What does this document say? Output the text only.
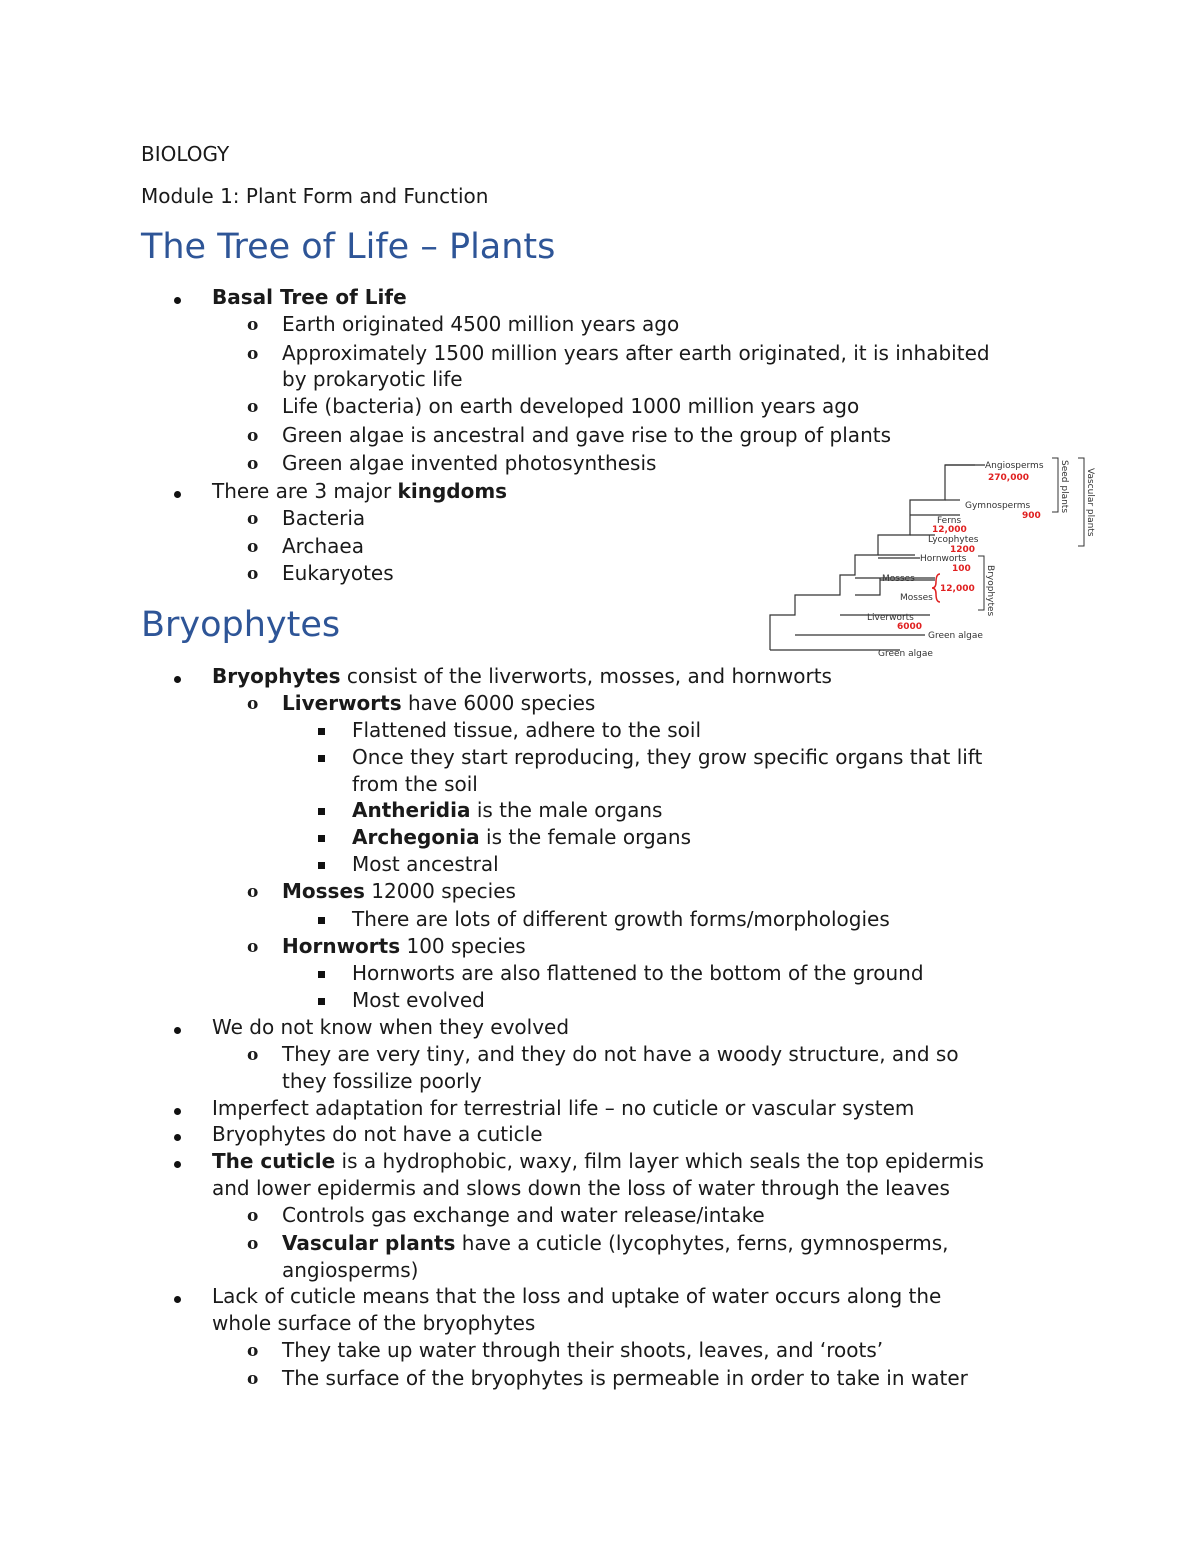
BIOLOGY
Module 1: Plant Form and Function
The Tree of Life – Plants
Basal Tree of Life
o Earth originated 4500 million years ago
o Approximately 1500 million years after earth originated, it is inhabited
by prokaryotic life
o Life (bacteria) on earth developed 1000 million years ago
o Green algae is ancestral and gave rise to the group of plants
o Green algae invented photosynthesis
There are 3 major kingdoms
o Bacteria
o Archaea
o Eukaryotes
Angiosperms
270,000
Gymnosperms
900
Ferns
12,000
Lycophytes
1200
Hornworts
100
Mosses
Mosses
12,000
Liverworts
6000
Green algae
Green algae
Bryophytes
Seed plants Vascular plants
Bryophytes
Bryophytes consist of the liverworts, mosses, and hornworts
o Liverworts have 6000 species
Flattened tissue, adhere to the soil
Once they start reproducing, they grow specific organs that lift
from the soil
Antheridia is the male organs
Archegonia is the female organs
Most ancestral
o Mosses 12000 species
There are lots of different growth forms/morphologies
o Hornworts 100 species
Hornworts are also flattened to the bottom of the ground
Most evolved
We do not know when they evolved
o They are very tiny, and they do not have a woody structure, and so
they fossilize poorly
Imperfect adaptation for terrestrial life – no cuticle or vascular system
Bryophytes do not have a cuticle
The cuticle is a hydrophobic, waxy, film layer which seals the top epidermis
and lower epidermis and slows down the loss of water through the leaves
o Controls gas exchange and water release/intake
o Vascular plants have a cuticle (lycophytes, ferns, gymnosperms,
angiosperms)
Lack of cuticle means that the loss and uptake of water occurs along the
whole surface of the bryophytes
o They take up water through their shoots, leaves, and ‘roots’
o The surface of the bryophytes is permeable in order to take in water
